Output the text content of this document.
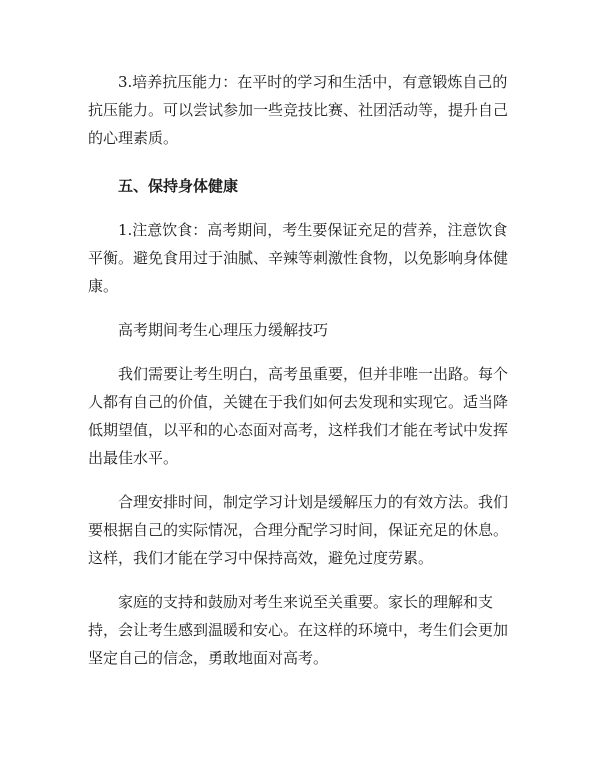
3.培养抗压能力：在平时的学习和生活中，有意锻炼自己的抗压能力。可以尝试参加一些竞技比赛、社团活动等，提升自己的心理素质。

五、保持身体健康

1.注意饮食：高考期间，考生要保证充足的营养，注意饮食平衡。避免食用过于油腻、辛辣等刺激性食物，以免影响身体健康。

高考期间考生心理压力缓解技巧

我们需要让考生明白，高考虽重要，但并非唯一出路。每个人都有自己的价值，关键在于我们如何去发现和实现它。适当降低期望值，以平和的心态面对高考，这样我们才能在考试中发挥出最佳水平。

合理安排时间，制定学习计划是缓解压力的有效方法。我们要根据自己的实际情况，合理分配学习时间，保证充足的休息。这样，我们才能在学习中保持高效，避免过度劳累。

家庭的支持和鼓励对考生来说至关重要。家长的理解和支持，会让考生感到温暖和安心。在这样的环境中，考生们会更加坚定自己的信念，勇敢地面对高考。
